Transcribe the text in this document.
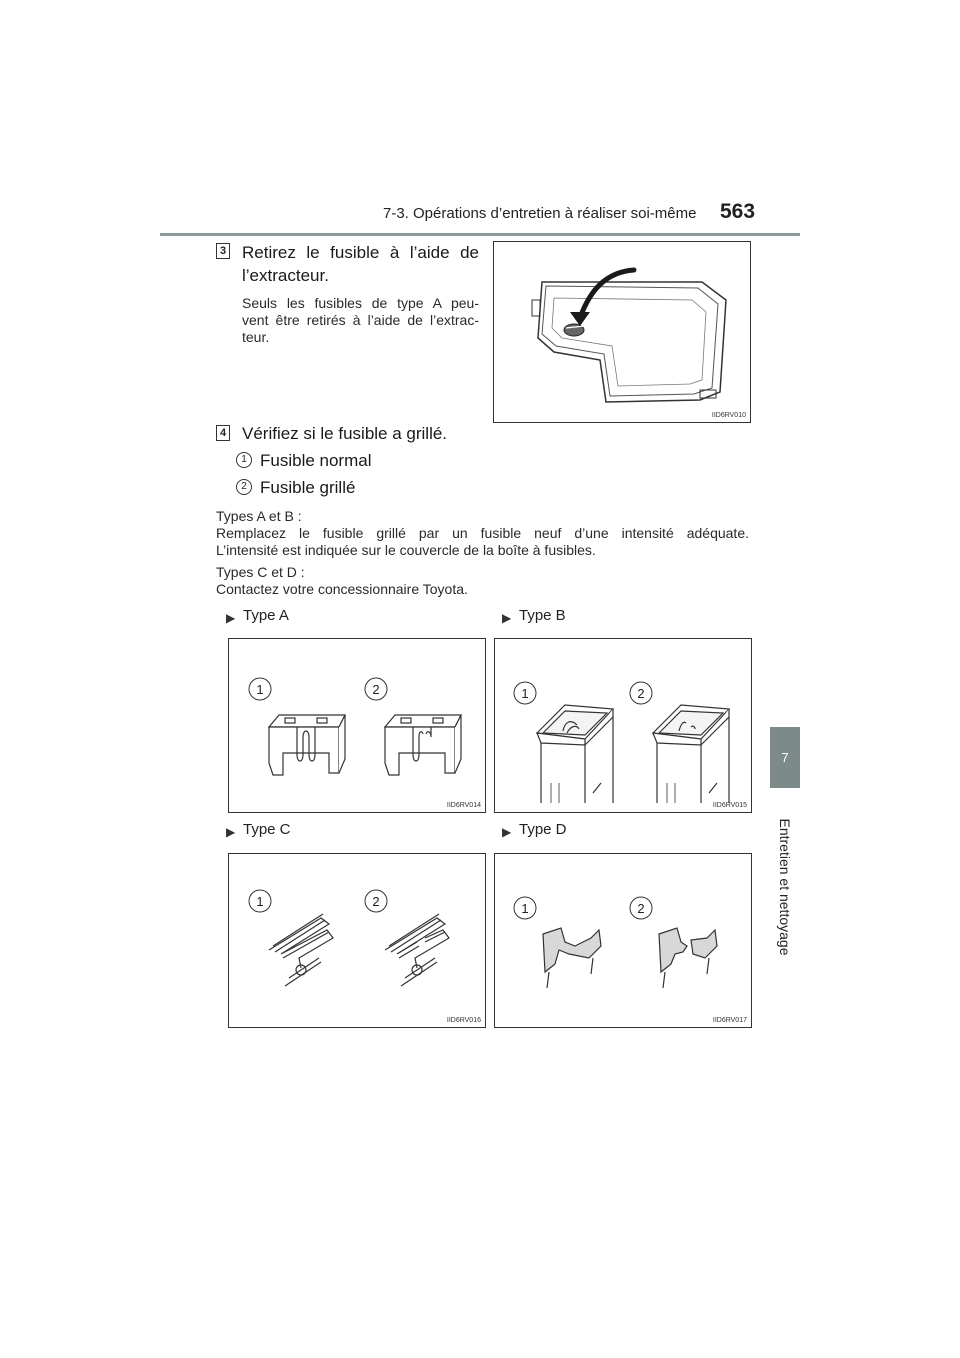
7-3. Opérations d’entretien à réaliser soi-même 563
7
Entretien et nettoyage
3 Retirez le fusible à l’aide de
l’extracteur.
Seuls les fusibles de type A peu-
vent être retirés à l’aide de l’extrac-
teur.
IID6RV010
4 Vérifiez si le fusible a grillé.
1 Fusible normal
2 Fusible grillé
Types A et B :
Remplacez le fusible grillé par un fusible neuf d’une intensité adéquate.
L’intensité est indiquée sur le couvercle de la boîte à fusibles.
Types C et D :
Contactez votre concessionnaire Toyota.
▶ Type A	▶ Type B
1	2
IID6RV014
1	2
IID6RV015
▶ Type C	▶ Type D
1	2
IID6RV016
1	2
IID6RV017
